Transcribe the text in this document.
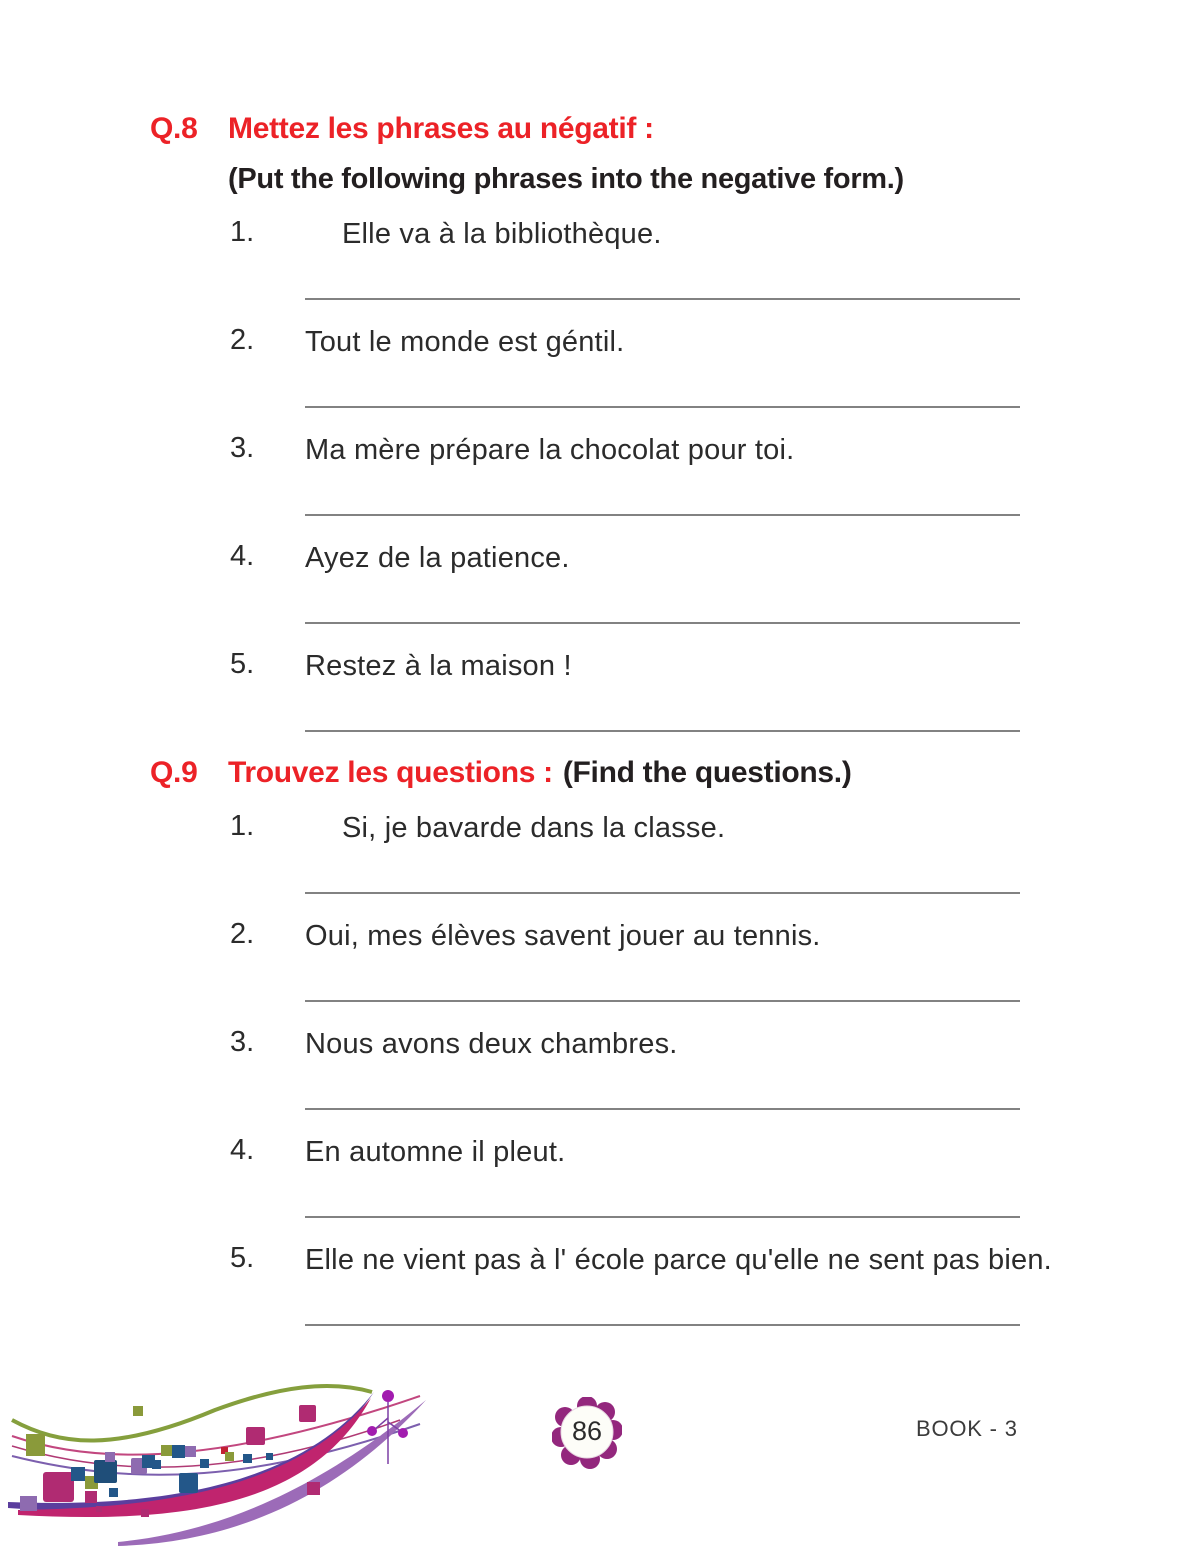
Q.8	Mettez les phrases au négatif :
(Put the following phrases into the negative form.)
1.	Elle va à la bibliothèque.
2.	Tout le monde est géntil.
3.	Ma mère prépare la chocolat pour toi.
4.	Ayez de la patience.
5.	Restez à la maison !
Q.9	Trouvez les questions : (Find the questions.)
1.	Si, je bavarde dans la classe.
2.	Oui, mes élèves savent jouer au tennis.
3.	Nous avons deux chambres.
4.	En automne il pleut.
5.	Elle ne vient pas à l' école parce qu'elle ne sent pas bien.
86	BOOK - 3
